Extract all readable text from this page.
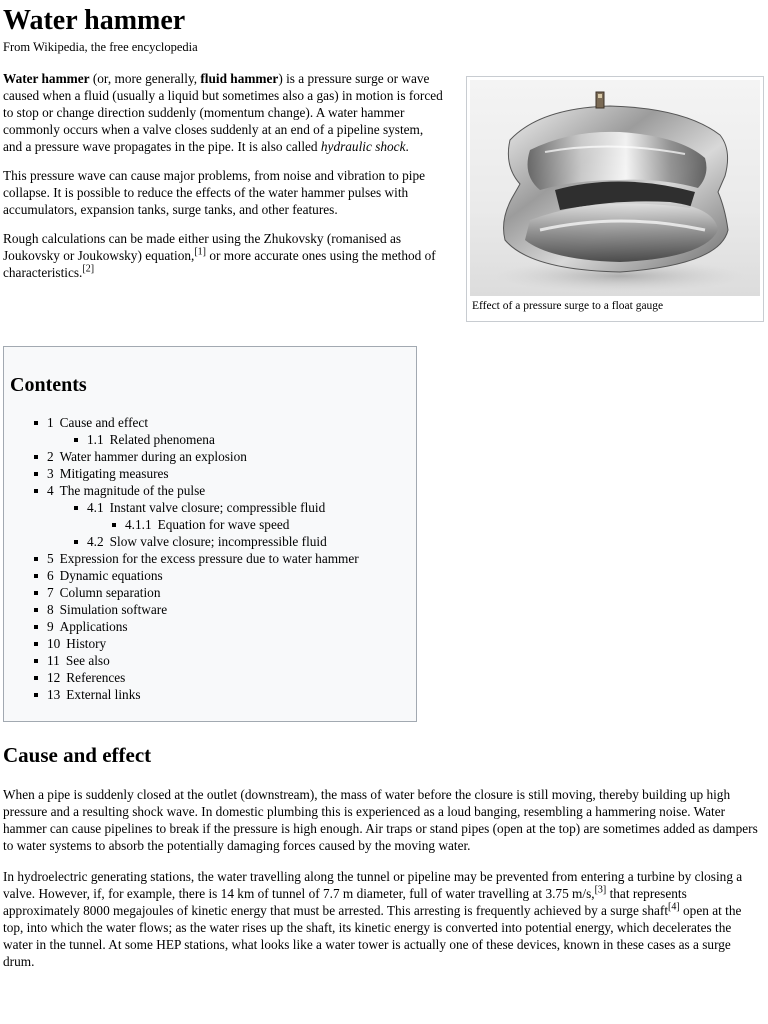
Water hammer
From Wikipedia, the free encyclopedia

Water hammer (or, more generally, fluid hammer) is a pressure surge or wave caused when a fluid (usually a liquid but sometimes also a gas) in motion is forced to stop or change direction suddenly (momentum change). A water hammer commonly occurs when a valve closes suddenly at an end of a pipeline system, and a pressure wave propagates in the pipe. It is also called hydraulic shock.

This pressure wave can cause major problems, from noise and vibration to pipe collapse. It is possible to reduce the effects of the water hammer pulses with accumulators, expansion tanks, surge tanks, and other features.

Rough calculations can be made either using the Zhukovsky (romanised as Joukovsky or Joukowsky) equation,[1] or more accurate ones using the method of characteristics.[2]

Effect of a pressure surge to a float gauge
Contents
1 Cause and effect
1.1 Related phenomena
2 Water hammer during an explosion
3 Mitigating measures
4 The magnitude of the pulse
4.1 Instant valve closure; compressible fluid
4.1.1 Equation for wave speed
4.2 Slow valve closure; incompressible fluid
5 Expression for the excess pressure due to water hammer
6 Dynamic equations
7 Column separation
8 Simulation software
9 Applications
10 History
11 See also
12 References
13 External links
Cause and effect

When a pipe is suddenly closed at the outlet (downstream), the mass of water before the closure is still moving, thereby building up high pressure and a resulting shock wave. In domestic plumbing this is experienced as a loud banging, resembling a hammering noise. Water hammer can cause pipelines to break if the pressure is high enough. Air traps or stand pipes (open at the top) are sometimes added as dampers to water systems to absorb the potentially damaging forces caused by the moving water.

In hydroelectric generating stations, the water travelling along the tunnel or pipeline may be prevented from entering a turbine by closing a valve. However, if, for example, there is 14 km of tunnel of 7.7 m diameter, full of water travelling at 3.75 m/s,[3] that represents approximately 8000 megajoules of kinetic energy that must be arrested. This arresting is frequently achieved by a surge shaft[4] open at the top, into which the water flows; as the water rises up the shaft, its kinetic energy is converted into potential energy, which decelerates the water in the tunnel. At some HEP stations, what looks like a water tower is actually one of these devices, known in these cases as a surge drum.
